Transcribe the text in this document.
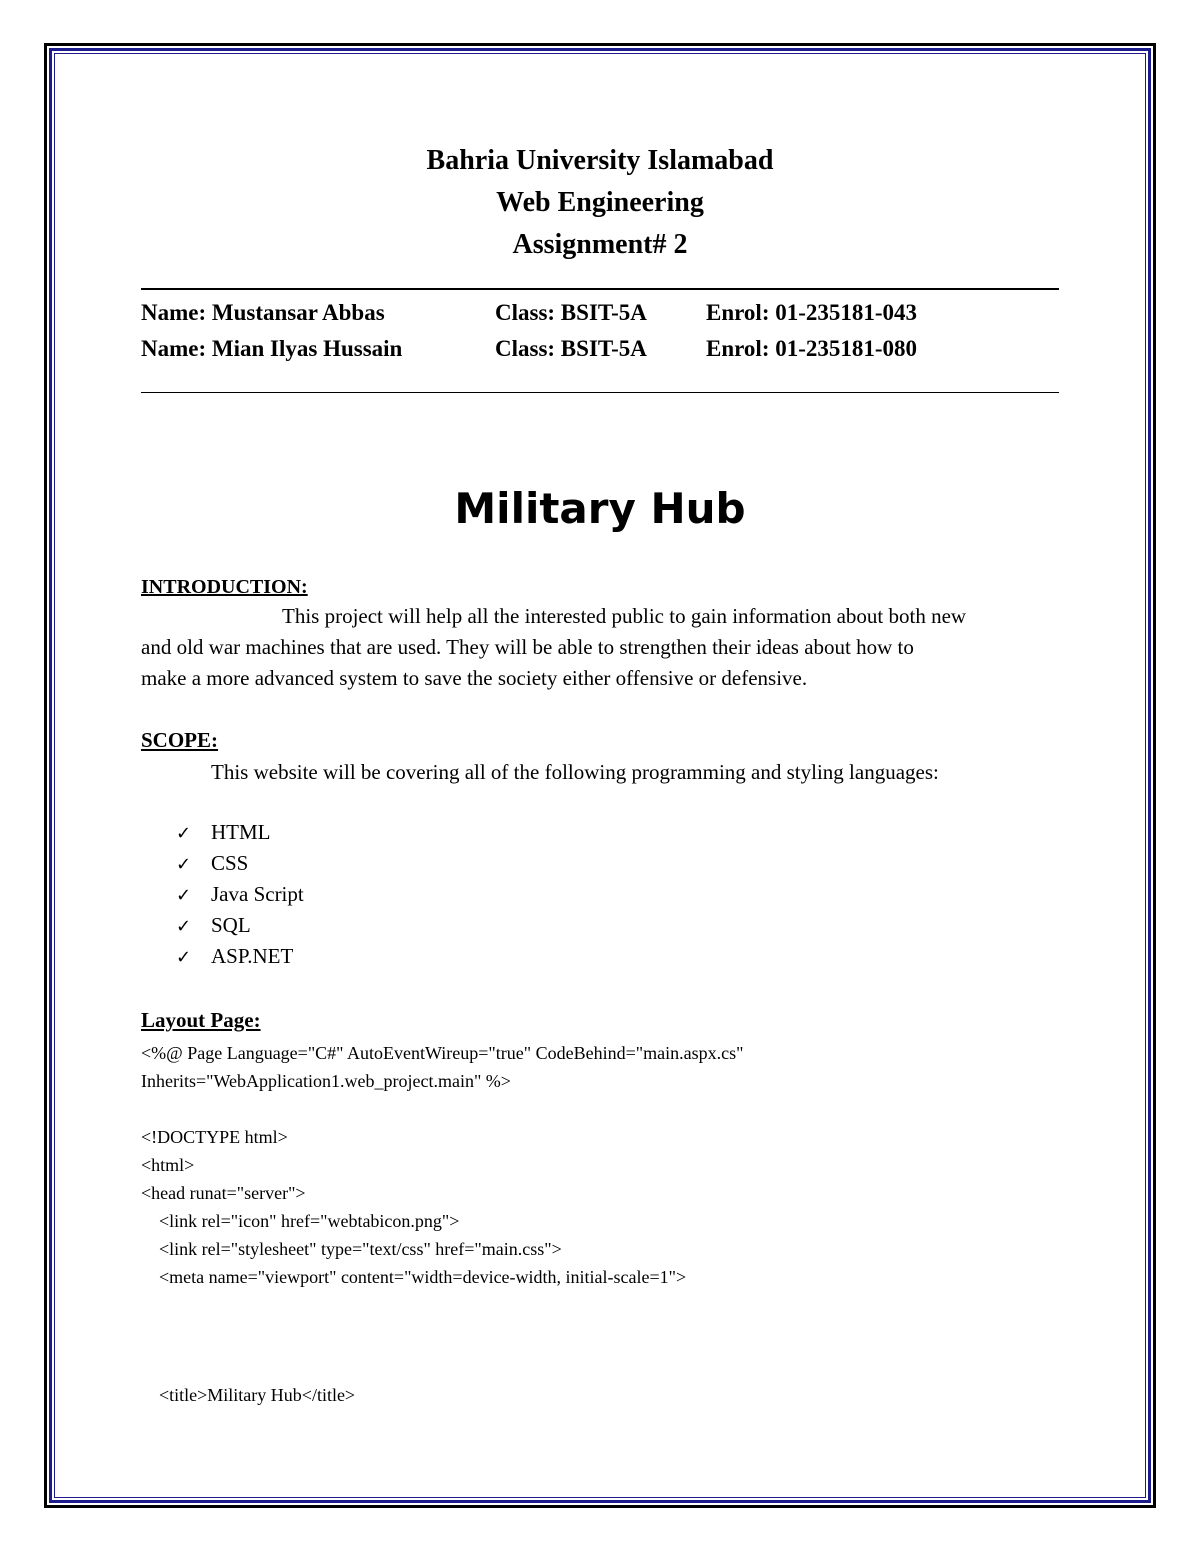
Bahria University Islamabad
Web Engineering
Assignment# 2
Name: Mustansar Abbas	Class: BSIT-5A	Enrol: 01-235181-043
Name: Mian Ilyas Hussain	Class: BSIT-5A	Enrol: 01-235181-080
Military Hub
INTRODUCTION:
This project will help all the interested public to gain information about both new
and old war machines that are used. They will be able to strengthen their ideas about how to
make a more advanced system to save the society either offensive or defensive.
SCOPE:
This website will be covering all of the following programming and styling languages:
✓ HTML
✓ CSS
✓ Java Script
✓ SQL
✓ ASP.NET
Layout Page:
<%@ Page Language="C#" AutoEventWireup="true" CodeBehind="main.aspx.cs"
Inherits="WebApplication1.web_project.main" %>
<!DOCTYPE html>
<html>
<head runat="server">
<link rel="icon" href="webtabicon.png">
<link rel="stylesheet" type="text/css" href="main.css">
<meta name="viewport" content="width=device-width, initial-scale=1">
<title>Military Hub</title>
